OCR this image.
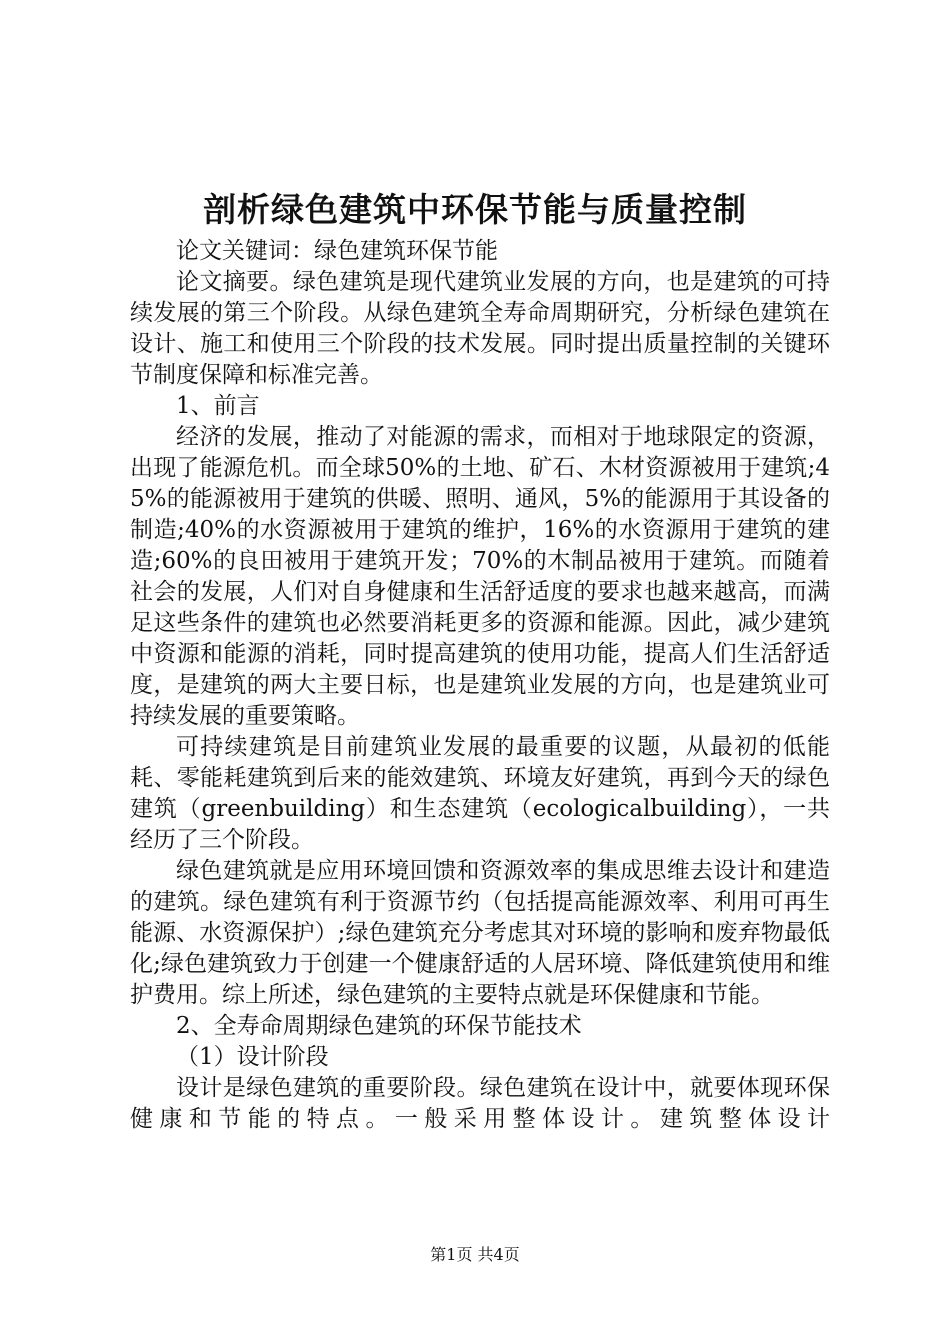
剖析绿色建筑中环保节能与质量控制

论文关键词：绿色建筑环保节能

论文摘要。绿色建筑是现代建筑业发展的方向，也是建筑的可持续发展的第三个阶段。从绿色建筑全寿命周期研究，分析绿色建筑在设计、施工和使用三个阶段的技术发展。同时提出质量控制的关键环节制度保障和标准完善。

1、前言

经济的发展，推动了对能源的需求，而相对于地球限定的资源，出现了能源危机。而全球50%的土地、矿石、木材资源被用于建筑;45%的能源被用于建筑的供暖、照明、通风，5%的能源用于其设备的制造;40%的水资源被用于建筑的维护，16%的水资源用于建筑的建造;60%的良田被用于建筑开发；70%的木制品被用于建筑。而随着社会的发展，人们对自身健康和生活舒适度的要求也越来越高，而满足这些条件的建筑也必然要消耗更多的资源和能源。因此，减少建筑中资源和能源的消耗，同时提高建筑的使用功能，提高人们生活舒适度，是建筑的两大主要日标，也是建筑业发展的方向，也是建筑业可持续发展的重要策略。

可持续建筑是目前建筑业发展的最重要的议题，从最初的低能耗、零能耗建筑到后来的能效建筑、环境友好建筑，再到今天的绿色建筑（greenbuilding）和生态建筑（ecologicalbuilding），一共经历了三个阶段。

绿色建筑就是应用环境回馈和资源效率的集成思维去设计和建造的建筑。绿色建筑有利于资源节约（包括提高能源效率、利用可再生能源、水资源保护）;绿色建筑充分考虑其对环境的影响和废弃物最低化;绿色建筑致力于创建一个健康舒适的人居环境、降低建筑使用和维护费用。综上所述，绿色建筑的主要特点就是环保健康和节能。

2、全寿命周期绿色建筑的环保节能技术

（1）设计阶段

设计是绿色建筑的重要阶段。绿色建筑在设计中，就要体现环保健康和节能的特点。一般采用整体设计。建筑整体设计

第1页 共4页
